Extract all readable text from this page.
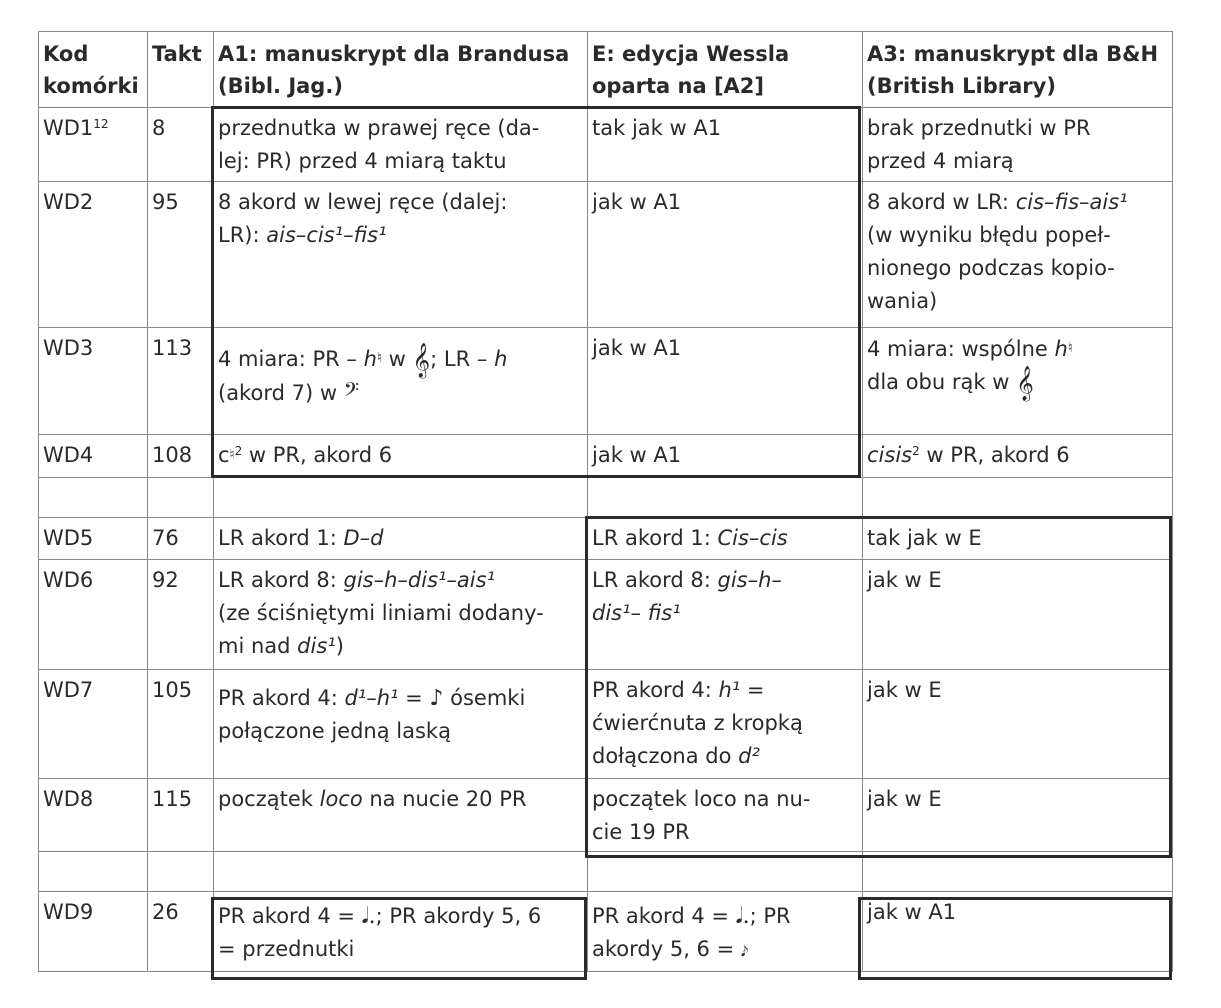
Kod
komórki	Takt	A1: manuskrypt dla Brandusa
(Bibl. Jag.)	E: edycja Wessla
oparta na [A2]	A3: manuskrypt dla B&H
(British Library)
$WD1^{12}$	8	przednutka w prawej ręce (da-
lej: PR) przed 4 miarą taktu	tak jak w A1	brak przednutki w PR
przed 4 miarą
WD2	95	8 akord w lewej ręce (dalej:
LR): ais–cis¹–fis¹	jak w A1	8 akord w LR: cis–fis–ais¹
(w wyniku błędu popeł-
nionego podczas kopio-
wania)
WD3	113	4 miara: PR – h♮ w 𝄞; LR – h
(akord 7) w 𝄢	jak w A1	4 miara: wspólne h♮
dla obu rąk w 𝄞
WD4	108	c♮$^2$ w PR, akord 6	jak w A1	cisis$^2$ w PR, akord 6

WD5	76	LR akord 1: D–d	LR akord 1: Cis–cis	tak jak w E
WD6	92	LR akord 8: gis–h–dis¹–ais¹
(ze ściśniętymi liniami dodany-
mi nad dis¹)	LR akord 8: gis–h–
dis¹– fis¹	jak w E
WD7	105	PR akord 4: d¹–h¹ = ♪ ósemki
połączone jedną laską	PR akord 4: h¹ =
ćwierćnuta z kropką
dołączona do d²	jak w E
WD8	115	początek loco na nucie 20 PR	początek loco na nu-
cie 19 PR	jak w E

WD9	26	PR akord 4 = 𝅘𝅥.; PR akordy 5, 6
= przednutki	PR akord 4 = 𝅘𝅥.; PR
akordy 5, 6 = 𝆔	jak w A1
